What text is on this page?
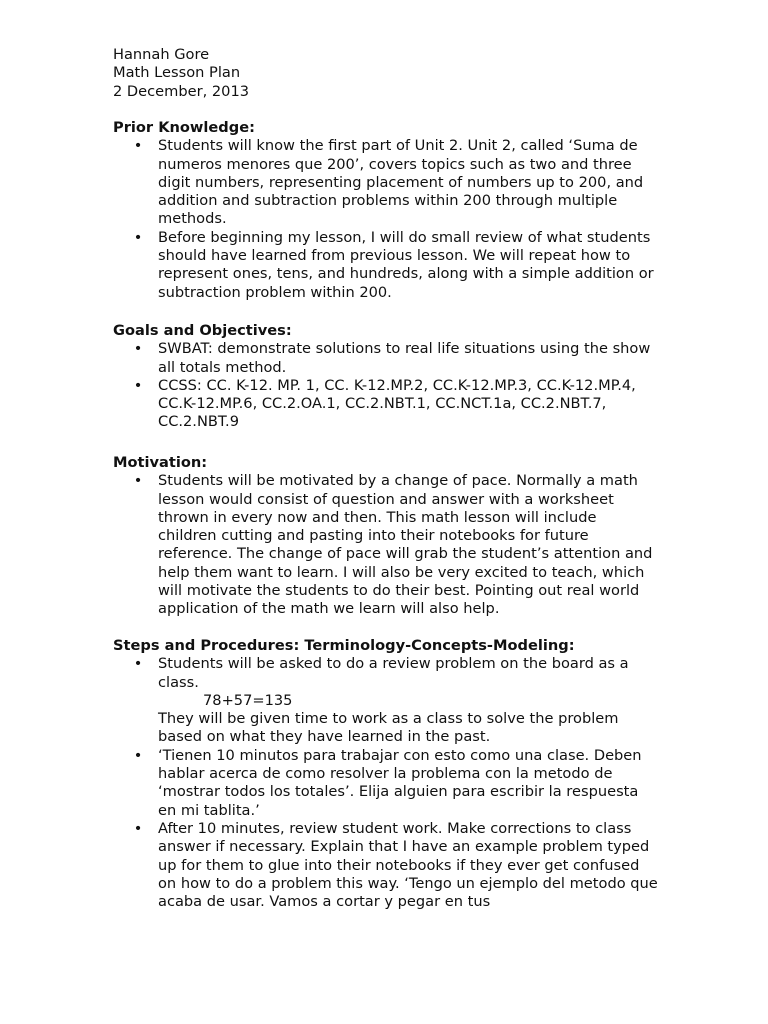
Hannah Gore
Math Lesson Plan
2 December, 2013
Prior Knowledge:
• Students will know the first part of Unit 2. Unit 2, called ‘Suma de numeros menores que 200’, covers topics such as two and three digit numbers, representing placement of numbers up to 200, and addition and subtraction problems within 200 through multiple methods.
• Before beginning my lesson, I will do small review of what students should have learned from previous lesson. We will repeat how to represent ones, tens, and hundreds, along with a simple addition or subtraction problem within 200.
Goals and Objectives:
• SWBAT: demonstrate solutions to real life situations using the show all totals method.
• CCSS: CC. K-12. MP. 1, CC. K-12.MP.2, CC.K-12.MP.3, CC.K-12.MP.4, CC.K-12.MP.6, CC.2.OA.1, CC.2.NBT.1, CC.NCT.1a, CC.2.NBT.7, CC.2.NBT.9
Motivation:
• Students will be motivated by a change of pace. Normally a math lesson would consist of question and answer with a worksheet thrown in every now and then. This math lesson will include children cutting and pasting into their notebooks for future reference. The change of pace will grab the student’s attention and help them want to learn. I will also be very excited to teach, which will motivate the students to do their best. Pointing out real world application of the math we learn will also help.
Steps and Procedures: Terminology-Concepts-Modeling:
• Students will be asked to do a review problem on the board as a class.
78+57=135
They will be given time to work as a class to solve the problem based on what they have learned in the past.
• ‘Tienen 10 minutos para trabajar con esto como una clase. Deben hablar acerca de como resolver la problema con la metodo de ‘mostrar todos los totales’. Elija alguien para escribir la respuesta en mi tablita.’
• After 10 minutes, review student work. Make corrections to class answer if necessary. Explain that I have an example problem typed up for them to glue into their notebooks if they ever get confused on how to do a problem this way. ‘Tengo un ejemplo del metodo que acaba de usar. Vamos a cortar y pegar en tus
